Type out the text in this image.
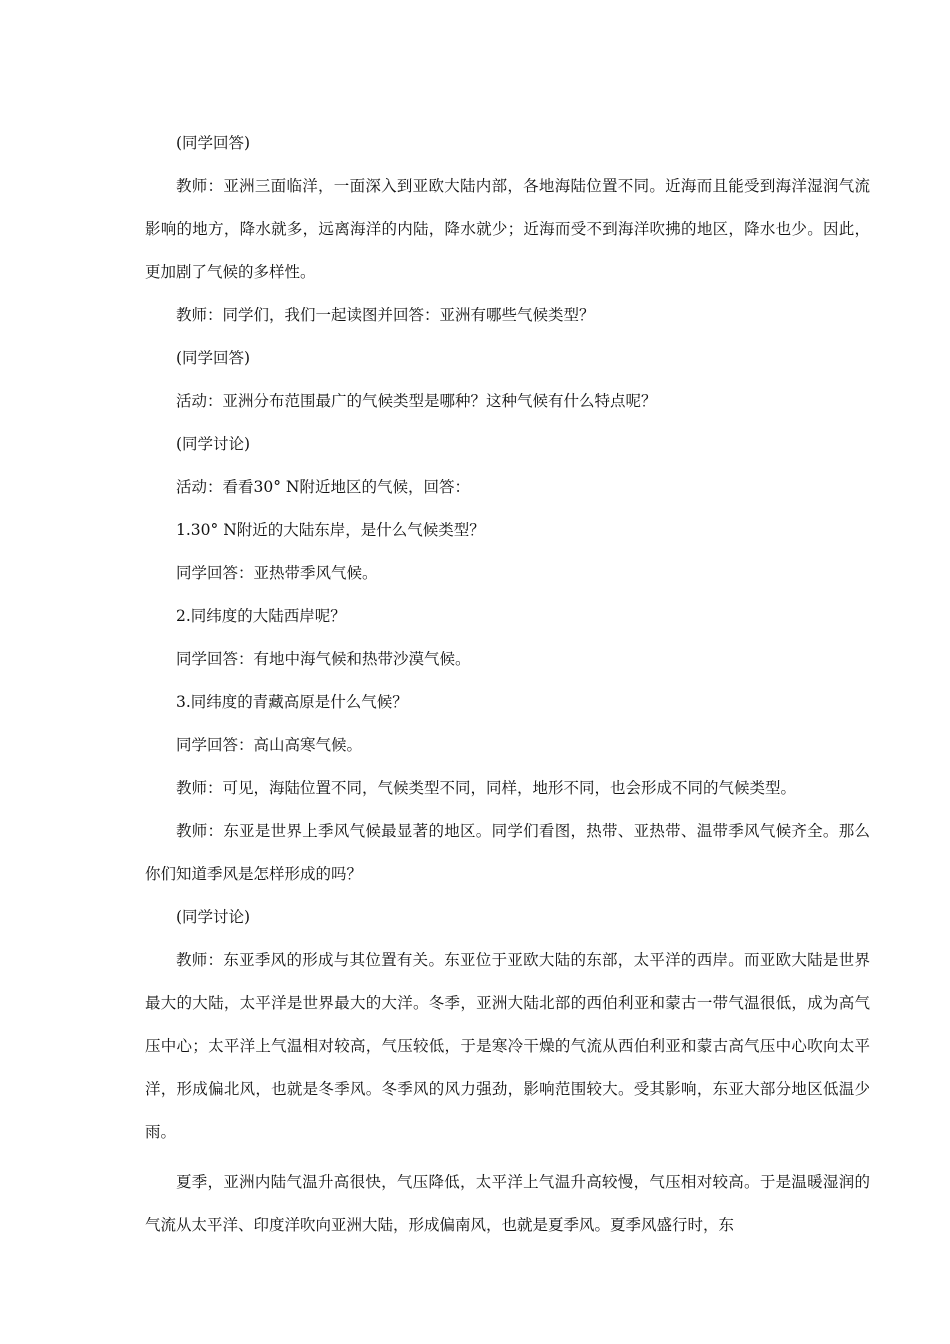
(同学回答)

教师：亚洲三面临洋，一面深入到亚欧大陆内部，各地海陆位置不同。近海而且能受到海洋湿润气流影响的地方，降水就多，远离海洋的内陆，降水就少；近海而受不到海洋吹拂的地区，降水也少。因此，更加剧了气候的多样性。

教师：同学们，我们一起读图并回答：亚洲有哪些气候类型？

(同学回答)

活动：亚洲分布范围最广的气候类型是哪种？这种气候有什么特点呢？

(同学讨论)

活动：看看30° N附近地区的气候，回答：

1.30° N附近的大陆东岸，是什么气候类型？

同学回答：亚热带季风气候。

2.同纬度的大陆西岸呢？

同学回答：有地中海气候和热带沙漠气候。

3.同纬度的青藏高原是什么气候？

同学回答：高山高寒气候。

教师：可见，海陆位置不同，气候类型不同，同样，地形不同，也会形成不同的气候类型。

教师：东亚是世界上季风气候最显著的地区。同学们看图，热带、亚热带、温带季风气候齐全。那么你们知道季风是怎样形成的吗？

(同学讨论)

教师：东亚季风的形成与其位置有关。东亚位于亚欧大陆的东部，太平洋的西岸。而亚欧大陆是世界最大的大陆，太平洋是世界最大的大洋。冬季，亚洲大陆北部的西伯利亚和蒙古一带气温很低，成为高气压中心；太平洋上气温相对较高，气压较低，于是寒冷干燥的气流从西伯利亚和蒙古高气压中心吹向太平洋，形成偏北风，也就是冬季风。冬季风的风力强劲，影响范围较大。受其影响，东亚大部分地区低温少雨。

夏季，亚洲内陆气温升高很快，气压降低，太平洋上气温升高较慢，气压相对较高。于是温暖湿润的气流从太平洋、印度洋吹向亚洲大陆，形成偏南风，也就是夏季风。夏季风盛行时，东
